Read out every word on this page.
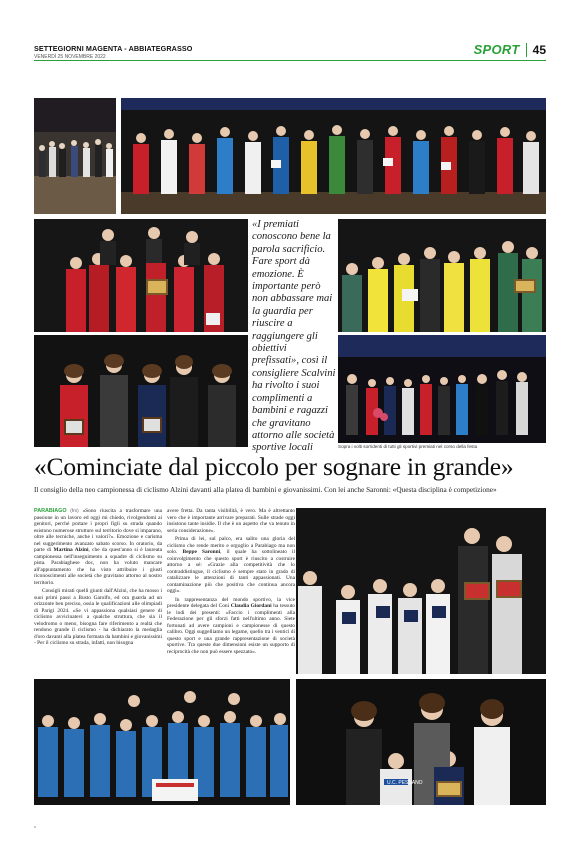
SETTEGIORNI MAGENTA - ABBIATEGRASSO
VENERDÌ 25 NOVEMBRE 2022	SPORT 45
«I premiati conoscono bene la parola sacrificio. Fare sport dà emozione. È importante però non abbassare mai la guardia per riuscire a raggiungere gli obiettivi prefissati», così il consigliere Scalvini ha rivolto i suoi complimenti a bambini e ragazzi che gravitano attorno alle società sportive locali	Sopra i volti sorridenti di tutti gli sportivi premiati nel corso della festa
«Cominciate dal piccolo per sognare in grande»
Il consiglio della neo campionessa di ciclismo Alzini davanti alla platea di bambini e giovanissimi. Con lei anche Saronni: «Questa disciplina è competizione»

PARABIAGO (frn) «Sono riuscita a trasformare una passione in un lavoro ed oggi mi chiedo, rivolgendomi ai genitori, perché portare i propri figli su strada quando esistono numerose strutture sul territorio dove si imparano, oltre alle tecniche, anche i valori?». Emozione e carisma nel suggerimento avanzato sabato scorso. In oratorio, da parte di Martina Alzini, che da quest'anno si è laureata campionessa nell'inseguimento a squadre di ciclismo su pista. Parabiaghese doc, non ha voluto mancare all'appuntamento che ha visto attribuire i giusti riconoscimenti alle società che gravitano attorno al nostro territorio.

Consigli mirati quelli giunti dall'Alzini, che ha mosso i suoi primi passi a Busto Garolfo, ed ora guarda ad un orizzonte ben preciso, ossia le qualificazioni alle olimpiadi di Parigi 2024. «Se vi appassiona qualsiasi genere di ciclismo avvicinatevi a qualche struttura, che sia il velodromo o meno, bisogna fare riferimento a realtà che rendono grande il ciclismo - ha dichiarato la medaglia d'oro davanti alla platea formata da bambini e giovanissimi - Per il ciclismo su strada, infatti, non bisogna

avere fretta. Da tanta visibilità, è vero. Ma è altrettanto vero che è importante arrivare preparati. Sulle strade oggi insistono tante insidie. Il che è un aspetto che va tenuto in seria considerazione».

Prima di lei, sul palco, era salito una gloria del ciclismo che rende merito e orgoglio a Parabiago ma non solo. Beppe Saronni, il quale ha sottolineato il coinvolgimento che questo sport è riuscito a costruire attorno a sé: «Grazie alla competitività che lo contraddistingue, il ciclismo è sempre stato in grado di catalizzare le attenzioni di tanti appassionati. Una contaminazione più che positiva che continua ancora oggi».

In rappresentanza del mondo sportivo, la vice presidente delegata del Coni Claudia Giordani ha tessuto le lodi dei presenti: «Faccio i complimenti alla Federazione per gli sforzi fatti nell'ultimo anno. Siete fortunati ad avere campioni e campionesse di questo calibro. Oggi suggelliamo un legame, quello tra i ventici di questo sport e una grande rappresentazione di società sportive. Tra queste due dimensioni esiste un supporto di reciprocità che non può essere spezzato».

U.C. PESSANO
